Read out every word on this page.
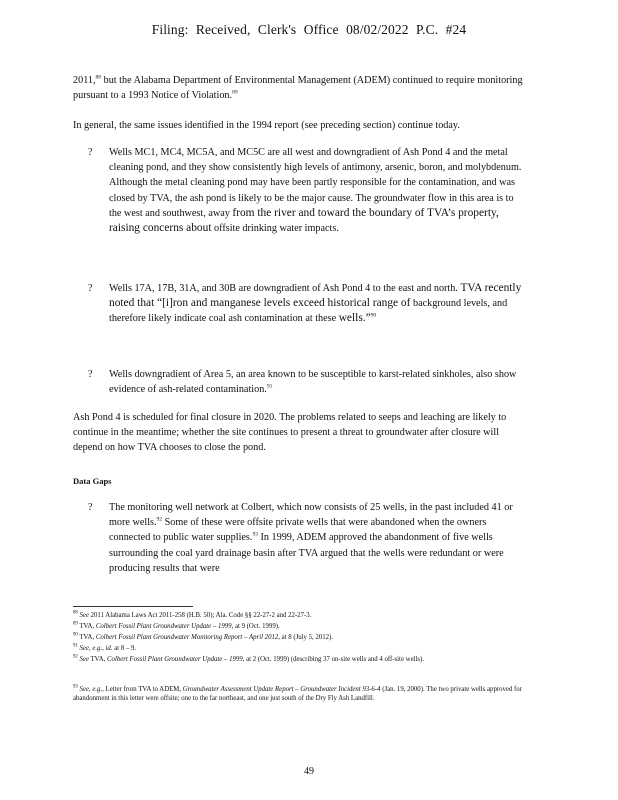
Filing: Received, Clerk's Office 08/02/2022 P.C. #24
2011,88 but the Alabama Department of Environmental Management (ADEM) continued to require monitoring pursuant to a 1993 Notice of Violation.$^{89}$
In general, the same issues identified in the 1994 report (see preceding section) continue today.
? Wells MC1, MC4, MC5A, and MC5C are all west and downgradient of Ash Pond 4 and the metal cleaning pond, and they show consistently high levels of antimony, arsenic, boron, and molybdenum. Although the metal cleaning pond may have been partly responsible for the contamination, and was closed by TVA, the ash pond is likely to be the major cause. The groundwater flow in this area is to the west and southwest, away from the river and toward the boundary of TVA’s property, raising concerns about offsite drinking water impacts.
? Wells 17A, 17B, 31A, and 30B are downgradient of Ash Pond 4 to the east and north. TVA recently noted that “[i]ron and manganese levels exceed historical range of background levels, and therefore likely indicate coal ash contamination at these wells.”$^{90}$
? Wells downgradient of Area 5, an area known to be susceptible to karst-related sinkholes, also show evidence of ash-related contamination.$^{91}$
Ash Pond 4 is scheduled for final closure in 2020. The problems related to seeps and leaching are likely to continue in the meantime; whether the site continues to present a threat to groundwater after closure will depend on how TVA chooses to close the pond.
Data Gaps
? The monitoring well network at Colbert, which now consists of 25 wells, in the past included 41 or more wells.$^{92}$ Some of these were offsite private wells that were abandoned when the owners connected to public water supplies.$^{93}$ In 1999, ADEM approved the abandonment of five wells surrounding the coal yard drainage basin after TVA argued that the wells were redundant or were producing results that were
$^{88}$ See 2011 Alabama Laws Act 2011-258 (H.B. 50); Ala. Code §§ 22-27-2 and 22-27-3.
$^{89}$ TVA, Colbert Fossil Plant Groundwater Update – 1999, at 9 (Oct. 1999).
$^{90}$ TVA, Colbert Fossil Plant Groundwater Monitoring Report – April 2012, at 8 (July 5, 2012).
$^{91}$ See, e.g., id. at 8 – 9.
$^{92}$ See TVA, Colbert Fossil Plant Groundwater Update – 1999, at 2 (Oct. 1999) (describing 37 on-site wells and 4 off-site wells).
$^{93}$ See, e.g., Letter from TVA to ADEM, Groundwater Assessment Update Report – Groundwater Incident 93-6-4 (Jan. 19, 2000). The two private wells approved for abandonment in this letter were offsite; one to the far northeast, and one just south of the Dry Fly Ash Landfill.
49
